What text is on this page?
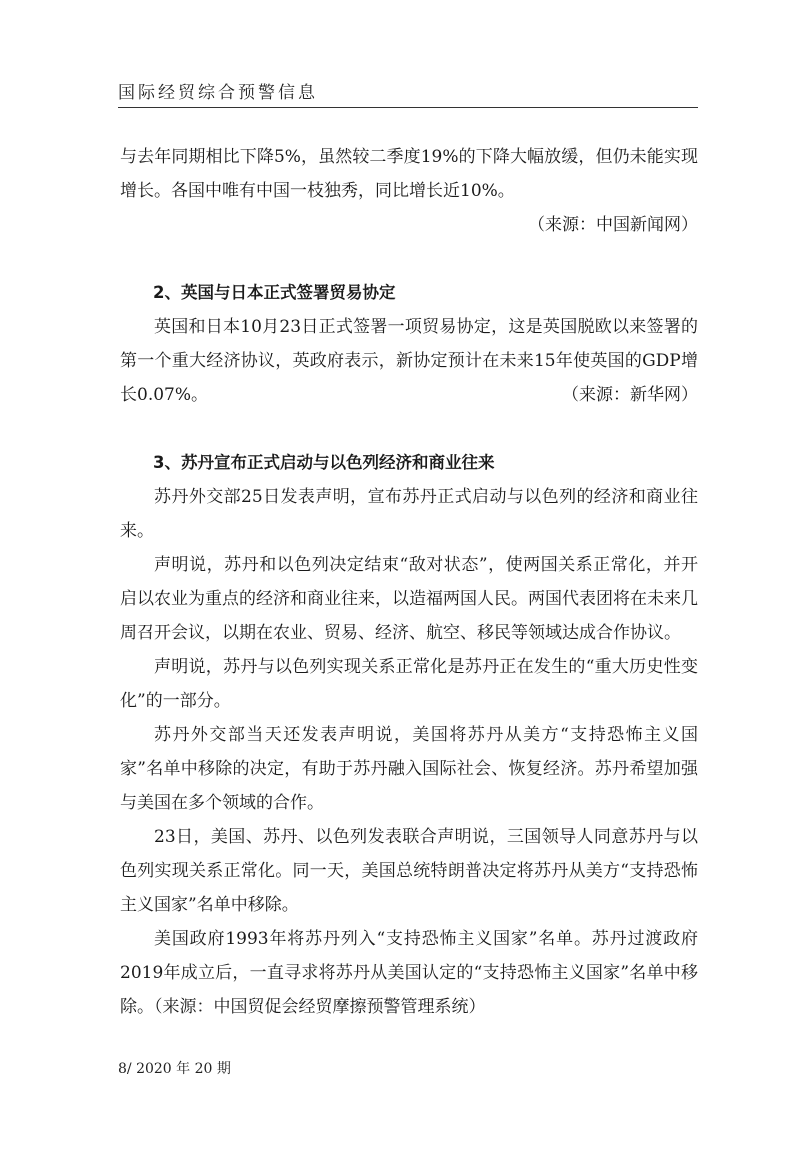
国际经贸综合预警信息

与去年同期相比下降5%，虽然较二季度19%的下降大幅放缓，但仍未能实现增长。各国中唯有中国一枝独秀，同比增长近10%。

（来源：中国新闻网）

2、英国与日本正式签署贸易协定

英国和日本10月23日正式签署一项贸易协定，这是英国脱欧以来签署的第一个重大经济协议，英政府表示，新协定预计在未来15年使英国的GDP增长0.07%。	（来源：新华网）

3、苏丹宣布正式启动与以色列经济和商业往来

苏丹外交部25日发表声明，宣布苏丹正式启动与以色列的经济和商业往来。

声明说，苏丹和以色列决定结束“敌对状态”，使两国关系正常化，并开启以农业为重点的经济和商业往来，以造福两国人民。两国代表团将在未来几周召开会议，以期在农业、贸易、经济、航空、移民等领域达成合作协议。

声明说，苏丹与以色列实现关系正常化是苏丹正在发生的“重大历史性变化”的一部分。

苏丹外交部当天还发表声明说，美国将苏丹从美方“支持恐怖主义国家”名单中移除的决定，有助于苏丹融入国际社会、恢复经济。苏丹希望加强与美国在多个领域的合作。

23日，美国、苏丹、以色列发表联合声明说，三国领导人同意苏丹与以色列实现关系正常化。同一天，美国总统特朗普决定将苏丹从美方“支持恐怖主义国家”名单中移除。

美国政府1993年将苏丹列入“支持恐怖主义国家”名单。苏丹过渡政府2019年成立后，一直寻求将苏丹从美国认定的“支持恐怖主义国家”名单中移除。（来源：中国贸促会经贸摩擦预警管理系统）

8/ 2020 年 20 期
